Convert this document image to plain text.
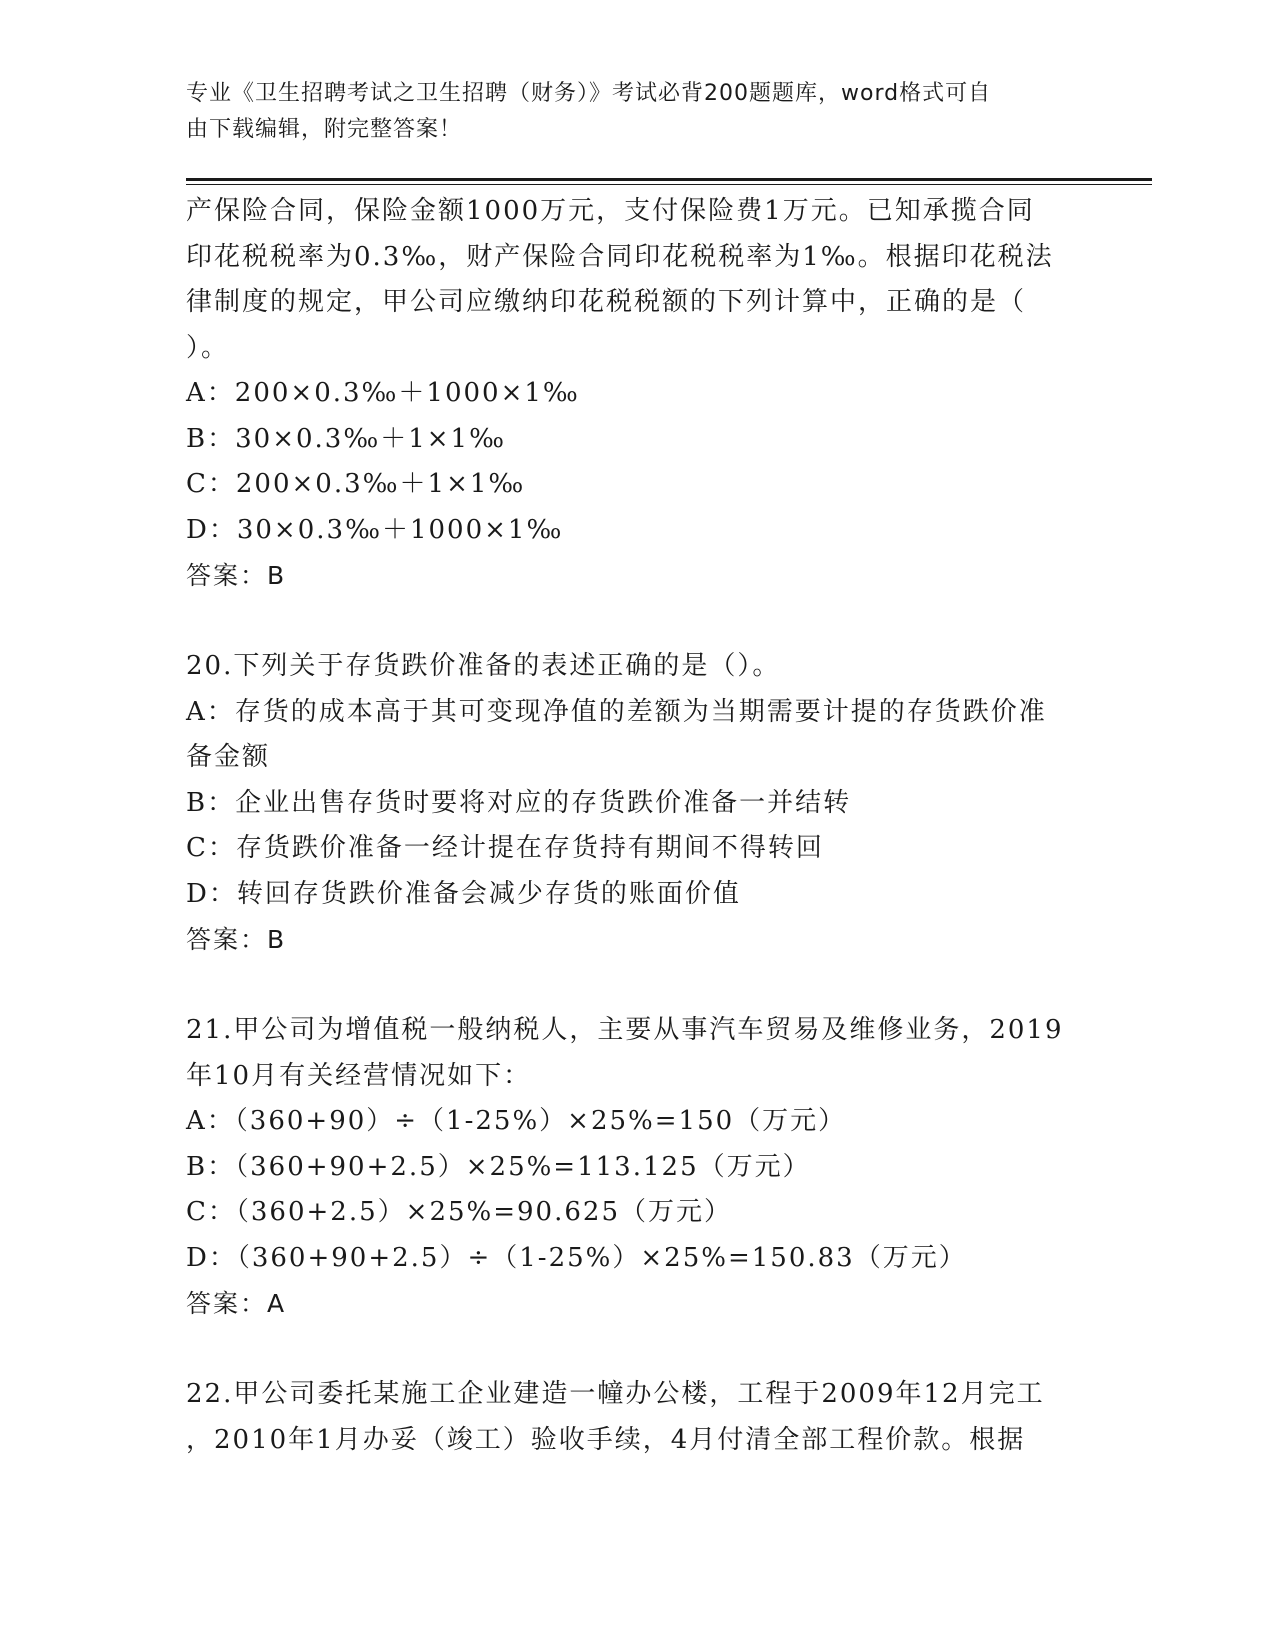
专业《卫生招聘考试之卫生招聘（财务）》考试必背200题题库，word格式可自
由下载编辑，附完整答案！
产保险合同，保险金额1000万元，支付保险费1万元。已知承揽合同
印花税税率为0.3‰，财产保险合同印花税税率为1‰。根据印花税法
律制度的规定，甲公司应缴纳印花税税额的下列计算中，正确的是（
）。
A：200×0.3‰＋1000×1‰
B：30×0.3‰＋1×1‰
C：200×0.3‰＋1×1‰
D：30×0.3‰＋1000×1‰
答案：B
20.下列关于存货跌价准备的表述正确的是（）。
A：存货的成本高于其可变现净值的差额为当期需要计提的存货跌价准
备金额
B：企业出售存货时要将对应的存货跌价准备一并结转
C：存货跌价准备一经计提在存货持有期间不得转回
D：转回存货跌价准备会减少存货的账面价值
答案：B
21.甲公司为增值税一般纳税人，主要从事汽车贸易及维修业务，2019
年10月有关经营情况如下：
A：（360+90）÷（1-25%）×25%=150（万元）
B：（360+90+2.5）×25%=113.125（万元）
C：（360+2.5）×25%=90.625（万元）
D：（360+90+2.5）÷（1-25%）×25%=150.83（万元）
答案：A
22.甲公司委托某施工企业建造一幢办公楼，工程于2009年12月完工
，2010年1月办妥（竣工）验收手续，4月付清全部工程价款。根据
